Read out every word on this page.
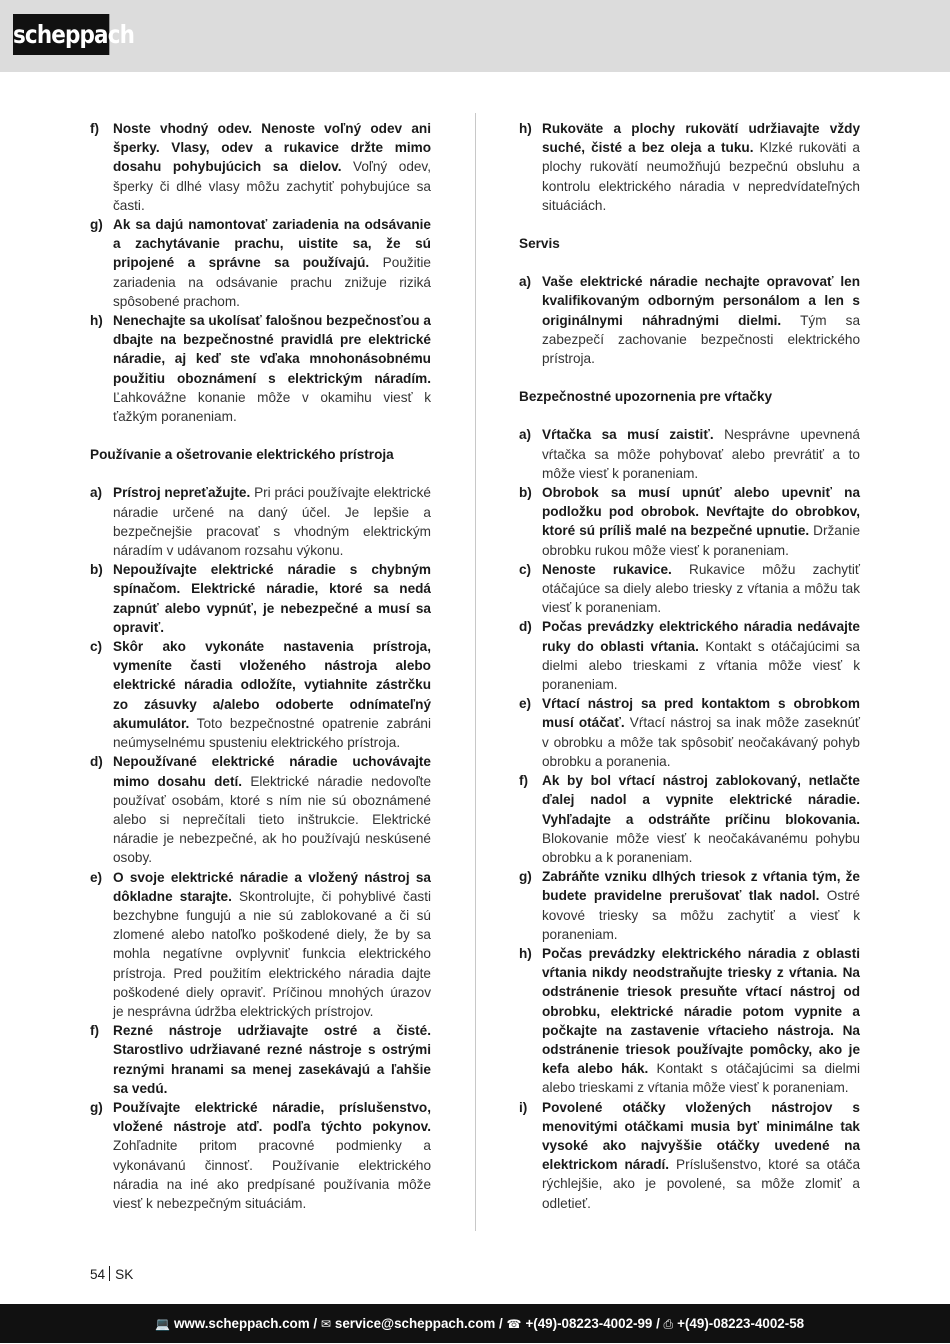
scheppach
f) Noste vhodný odev. Nenoste voľný odev ani šperky. Vlasy, odev a rukavice držte mimo dosahu pohybujúcich sa dielov. Voľný odev, šperky či dlhé vlasy môžu zachytiť pohybujúce sa časti.
g) Ak sa dajú namontovať zariadenia na odsávanie a zachytávanie prachu, uistite sa, že sú pripojené a správne sa používajú. Použitie zariadenia na odsávanie prachu znižuje riziká spôsobené prachom.
h) Nenechajte sa ukolísať falošnou bezpečnosťou a dbajte na bezpečnostné pravidlá pre elektrické náradie, aj keď ste vďaka mnohonásobnému použitiu oboznámení s elektrickým náradím. Ľahkovážne konanie môže v okamihu viesť k ťažkým poraneniam.
Používanie a ošetrovanie elektrického prístroja
a) Prístroj nepreťažujte. Pri práci používajte elektrické náradie určené na daný účel. Je lepšie a bezpečnejšie pracovať s vhodným elektrickým náradím v udávanom rozsahu výkonu.
b) Nepoužívajte elektrické náradie s chybným spínačom. Elektrické náradie, ktoré sa nedá zapnúť alebo vypnúť, je nebezpečné a musí sa opraviť.
c) Skôr ako vykonáte nastavenia prístroja, vymeníte časti vloženého nástroja alebo elektrické náradia odložíte, vytiahnite zástrčku zo zásuvky a/alebo odoberte odnímateľný akumulátor. Toto bezpečnostné opatrenie zabráni neúmyselnému spusteniu elektrického prístroja.
d) Nepoužívané elektrické náradie uchovávajte mimo dosahu detí. Elektrické náradie nedovoľte používať osobám, ktoré s ním nie sú oboznámené alebo si neprečítali tieto inštrukcie. Elektrické náradie je nebezpečné, ak ho používajú neskúsené osoby.
e) O svoje elektrické náradie a vložený nástroj sa dôkladne starajte. Skontrolujte, či pohyblivé časti bezchybne fungujú a nie sú zablokované a či sú zlomené alebo natoľko poškodené diely, že by sa mohla negatívne ovplyvniť funkcia elektrického prístroja. Pred použitím elektrického náradia dajte poškodené diely opraviť. Príčinou mnohých úrazov je nesprávna údržba elektrických prístrojov.
f) Rezné nástroje udržiavajte ostré a čisté. Starostlivo udržiavané rezné nástroje s ostrými reznými hranami sa menej zasekávajú a ľahšie sa vedú.
g) Používajte elektrické náradie, príslušenstvo, vložené nástroje atď. podľa týchto pokynov. Zohľadnite pritom pracovné podmienky a vykonávanú činnosť. Používanie elektrického náradia na iné ako predpísané používania môže viesť k nebezpečným situáciám.
h) Rukoväte a plochy rukovätí udržiavajte vždy suché, čisté a bez oleja a tuku. Klzké rukoväti a plochy rukovätí neumožňujú bezpečnú obsluhu a kontrolu elektrického náradia v nepredvídateľných situáciách.
Servis
a) Vaše elektrické náradie nechajte opravovať len kvalifikovaným odborným personálom a len s originálnymi náhradnými dielmi. Tým sa zabezpečí zachovanie bezpečnosti elektrického prístroja.
Bezpečnostné upozornenia pre vŕtačky
a) Vŕtačka sa musí zaistiť. Nesprávne upevnená vŕtačka sa môže pohybovať alebo prevrátiť a to môže viesť k poraneniam.
b) Obrobok sa musí upnúť alebo upevniť na podložku pod obrobok. Nevŕtajte do obrobkov, ktoré sú príliš malé na bezpečné upnutie. Držanie obrobku rukou môže viesť k poraneniam.
c) Nenoste rukavice. Rukavice môžu zachytiť otáčajúce sa diely alebo triesky z vŕtania a môžu tak viesť k poraneniam.
d) Počas prevádzky elektrického náradia nedávajte ruky do oblasti vŕtania. Kontakt s otáčajúcimi sa dielmi alebo trieskami z vŕtania môže viesť k poraneniam.
e) Vŕtací nástroj sa pred kontaktom s obrobkom musí otáčať. Vŕtací nástroj sa inak môže zaseknúť v obrobku a môže tak spôsobiť neočakávaný pohyb obrobku a poranenia.
f) Ak by bol vŕtací nástroj zablokovaný, netlačte ďalej nadol a vypnite elektrické náradie. Vyhľadajte a odstráňte príčinu blokovania. Blokovanie môže viesť k neočakávanému pohybu obrobku a k poraneniam.
g) Zabráňte vzniku dlhých triesok z vŕtania tým, že budete pravidelne prerušovať tlak nadol. Ostré kovové triesky sa môžu zachytiť a viesť k poraneniam.
h) Počas prevádzky elektrického náradia z oblasti vŕtania nikdy neodstraňujte triesky z vŕtania. Na odstránenie triesok presuňte vŕtací nástroj od obrobku, elektrické náradie potom vypnite a počkajte na zastavenie vŕtacieho nástroja. Na odstránenie triesok používajte pomôcky, ako je kefa alebo hák. Kontakt s otáčajúcimi sa dielmi alebo trieskami z vŕtania môže viesť k poraneniam.
i) Povolené otáčky vložených nástrojov s menovitými otáčkami musia byť minimálne tak vysoké ako najvyššie otáčky uvedené na elektrickom náradí. Príslušenstvo, ktoré sa otáča rýchlejšie, ako je povolené, sa môže zlomiť a odletieť.
54 SK
💻 www.scheppach.com / ✉ service@scheppach.com / ☎ +(49)-08223-4002-99 / ⎙ +(49)-08223-4002-58
